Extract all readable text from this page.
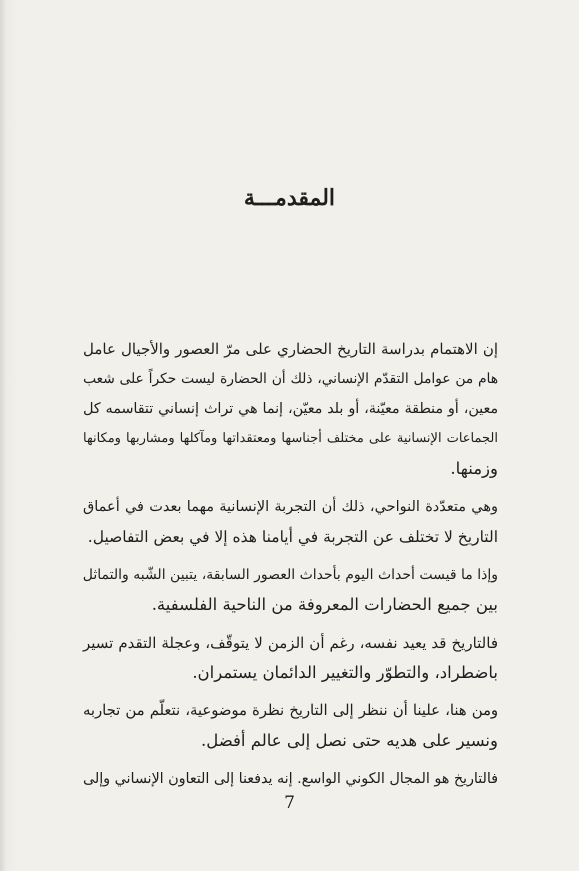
المقدمـــة

إن الاهتمام بدراسة التاريخ الحضاري على مرّ العصور والأجيال عامل
هام من عوامل التقدّم الإنساني، ذلك أن الحضارة ليست حكراً على شعب
معين، أو منطقة معيّنة، أو بلد معيّن، إنما هي تراث إنساني تتقاسمه كل
الجماعات الإنسانية على مختلف أجناسها ومعتقداتها ومآكلها ومشاربها ومكانها
وزمنها.

وهي متعدّدة النواحي، ذلك أن التجربة الإنسانية مهما بعدت في أعماق
التاريخ لا تختلف عن التجربة في أيامنا هذه إلا في بعض التفاصيل.

وإذا ما قيست أحداث اليوم بأحداث العصور السابقة، يتبين الشّبه والتماثل
بين جميع الحضارات المعروفة من الناحية الفلسفية.

فالتاريخ قد يعيد نفسه، رغم أن الزمن لا يتوقّف، وعجلة التقدم تسير
باضطراد، والتطوّر والتغيير الدائمان يستمران.

ومن هنا، علينا أن ننظر إلى التاريخ نظرة موضوعية، نتعلّم من تجاربه
ونسير على هديه حتى نصل إلى عالم أفضل.

فالتاريخ هو المجال الكوني الواسع. إنه يدفعنا إلى التعاون الإنساني وإلى

7
